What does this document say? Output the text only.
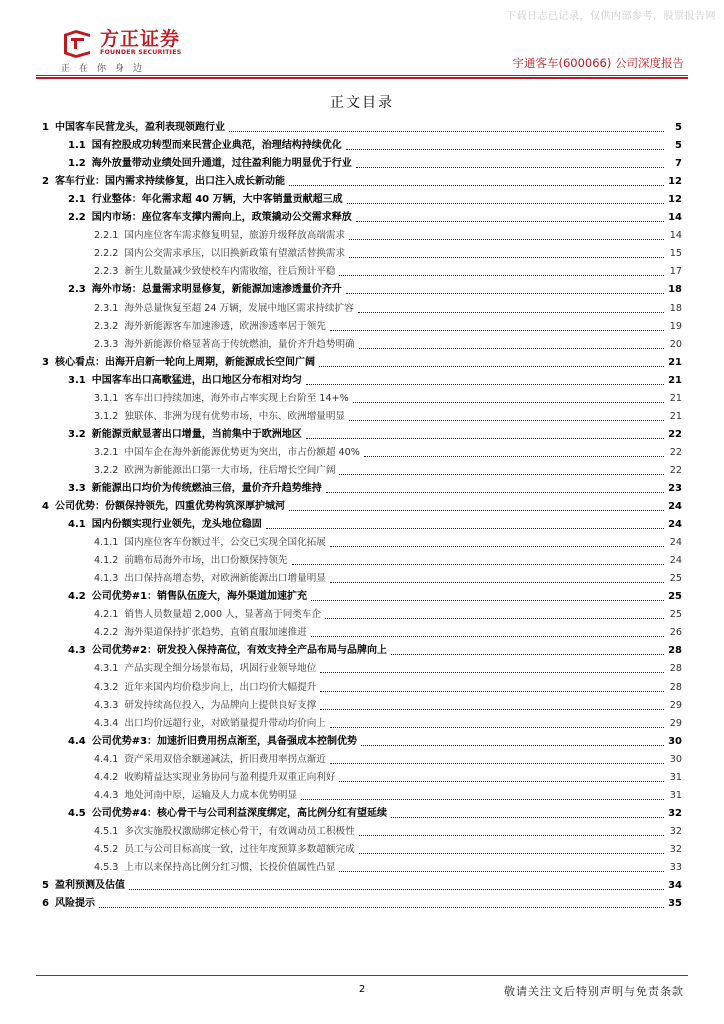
下载日志已记录，仅供内部参考，股票报告网
方正证券
FOUNDER SECURITIES
正在你身边	宇通客车(600066) 公司深度报告
正文目录
1 中国客车民营龙头，盈利表现领跑行业	5
1.1 国有控股成功转型而来民营企业典范，治理结构持续优化	5
1.2 海外放量带动业绩处回升通道，过往盈利能力明显优于行业	7
2 客车行业：国内需求持续修复，出口注入成长新动能	12
2.1 行业整体：年化需求超 40 万辆，大中客销量贡献超三成	12
2.2 国内市场：座位客车支撑内需向上，政策撬动公交需求释放	14
2.2.1 国内座位客车需求修复明显，旅游升级释放高端需求	14
2.2.2 国内公交需求承压，以旧换新政策有望激活替换需求	15
2.2.3 新生儿数量减少致使校车内需收缩，往后预计平稳	17
2.3 海外市场：总量需求明显修复，新能源加速渗透量价齐升	18
2.3.1 海外总量恢复至超 24 万辆，发展中地区需求持续扩容	18
2.3.2 海外新能源客车加速渗透，欧洲渗透率居于领先	19
2.3.3 海外新能源价格显著高于传统燃油，量价齐升趋势明确	20
3 核心看点：出海开启新一轮向上周期，新能源成长空间广阔	21
3.1 中国客车出口高歌猛进，出口地区分布相对均匀	21
3.1.1 客车出口持续加速，海外市占率实现上台阶至 14+%	21
3.1.2 独联体、非洲为现有优势市场，中东、欧洲增量明显	21
3.2 新能源贡献显著出口增量，当前集中于欧洲地区	22
3.2.1 中国车企在海外新能源优势更为突出，市占份额超 40%	22
3.2.2 欧洲为新能源出口第一大市场，往后增长空间广阔	22
3.3 新能源出口均价为传统燃油三倍，量价齐升趋势维持	23
4 公司优势：份额保持领先，四重优势构筑深厚护城河	24
4.1 国内份额实现行业领先，龙头地位稳固	24
4.1.1 国内座位客车份额过半，公交已实现全国化拓展	24
4.1.2 前瞻布局海外市场，出口份额保持领先	24
4.1.3 出口保持高增态势，对欧洲新能源出口增量明显	25
4.2 公司优势#1：销售队伍庞大，海外渠道加速扩充	25
4.2.1 销售人员数量超 2,000 人，显著高于同类车企	25
4.2.2 海外渠道保持扩张趋势，直销直服加速推进	26
4.3 公司优势#2：研发投入保持高位，有效支持全产品布局与品牌向上	28
4.3.1 产品实现全细分场景布局，巩固行业领导地位	28
4.3.2 近年来国内均价稳步向上，出口均价大幅提升	28
4.3.3 研发持续高位投入，为品牌向上提供良好支撑	29
4.3.4 出口均价远超行业，对欧销量提升带动均价向上	29
4.4 公司优势#3：加速折旧费用拐点渐至，具备强成本控制优势	30
4.4.1 资产采用双倍余额递减法，折旧费用率拐点渐近	30
4.4.2 收购精益达实现业务协同与盈利提升双重正向利好	31
4.4.3 地处河南中原，运输及人力成本优势明显	31
4.5 公司优势#4：核心骨干与公司利益深度绑定，高比例分红有望延续	32
4.5.1 多次实施股权激励绑定核心骨干，有效调动员工积极性	32
4.5.2 员工与公司目标高度一致，过往年度预算多数超额完成	32
4.5.3 上市以来保持高比例分红习惯，长投价值属性凸显	33
5 盈利预测及估值	34
6 风险提示	35
2	敬请关注文后特别声明与免责条款
